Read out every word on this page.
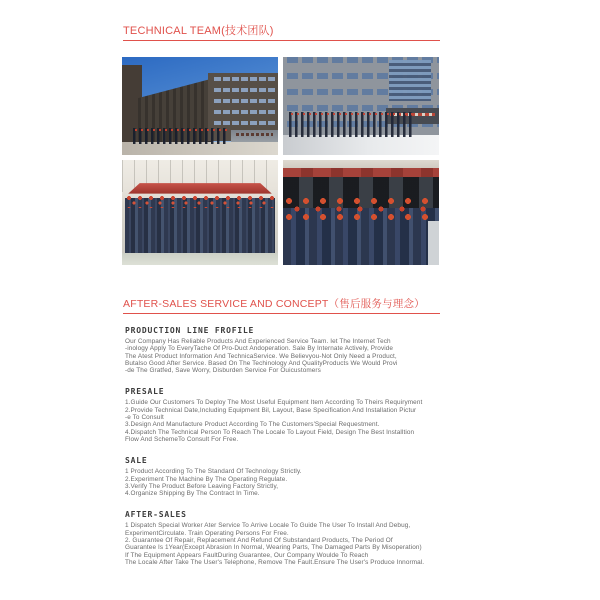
TECHNICAL TEAM(技术团队)
AFTER-SALES SERVICE AND CONCEPT（售后服务与理念）
PRODUCTION LINE FROFILE
Our Company Has Reliable Products And Experienced Service Team. Iet The Internet Tech
-inology Apply To EveryTache Of Pro-Duct Andoperation. Sale By Internate Actively, Provide
The Atest Product Information And TechnicaService. We Believyou-Not Only Need a Product,
Butalso Good After Service. Based On The Techinology And QualityProducts We Would Provi
-de The Gratfed, Save Worry, Disburden Service For Ouicustomers
PRESALE
1.Guide Our Customers To Deploy The Most Useful Equipment Item According To Theirs Requiryment
2.Provide Technical Date,Including Equipment Bil, Layout, Base Specification And Installation Pictur
-e To Consult
3.Design And Manufacture Product According To The Customers'Special Requestment.
4.Dispatch The Technical Person To Reach The Locale To Layout Field, Design The Best Installtion
Flow And SchemeTo Consult For Free.
SALE
1 Product According To The Standard Of Technology Strictly.
2.Experiment The Machine By The Operating Regulate.
3.Verify The Product Before Leaving Factory Strictly,
4.Organize Shipping By The Contract In Time.
AFTER-SALES
1 Dispatch Special Worker Ater Service To Arrive Locale To Guide The User To Install And Debug,
ExperimentCirculate. Train Operating Persons For Free.
2. Guarantee Of Repair, Replacement And Refund Of Substandard Products, The Period Of
Guarantee Is 1Year(Except Abrasion In Normal, Wearing Parts, The Damaged Parts By Misoperation)
If The Equipment Appears FaultDuring Guarantee, Our Company Woulde To Reach
The Locale After Take The User's Telephone, Remove The Fault.Ensure The User's Produce Innormal.
